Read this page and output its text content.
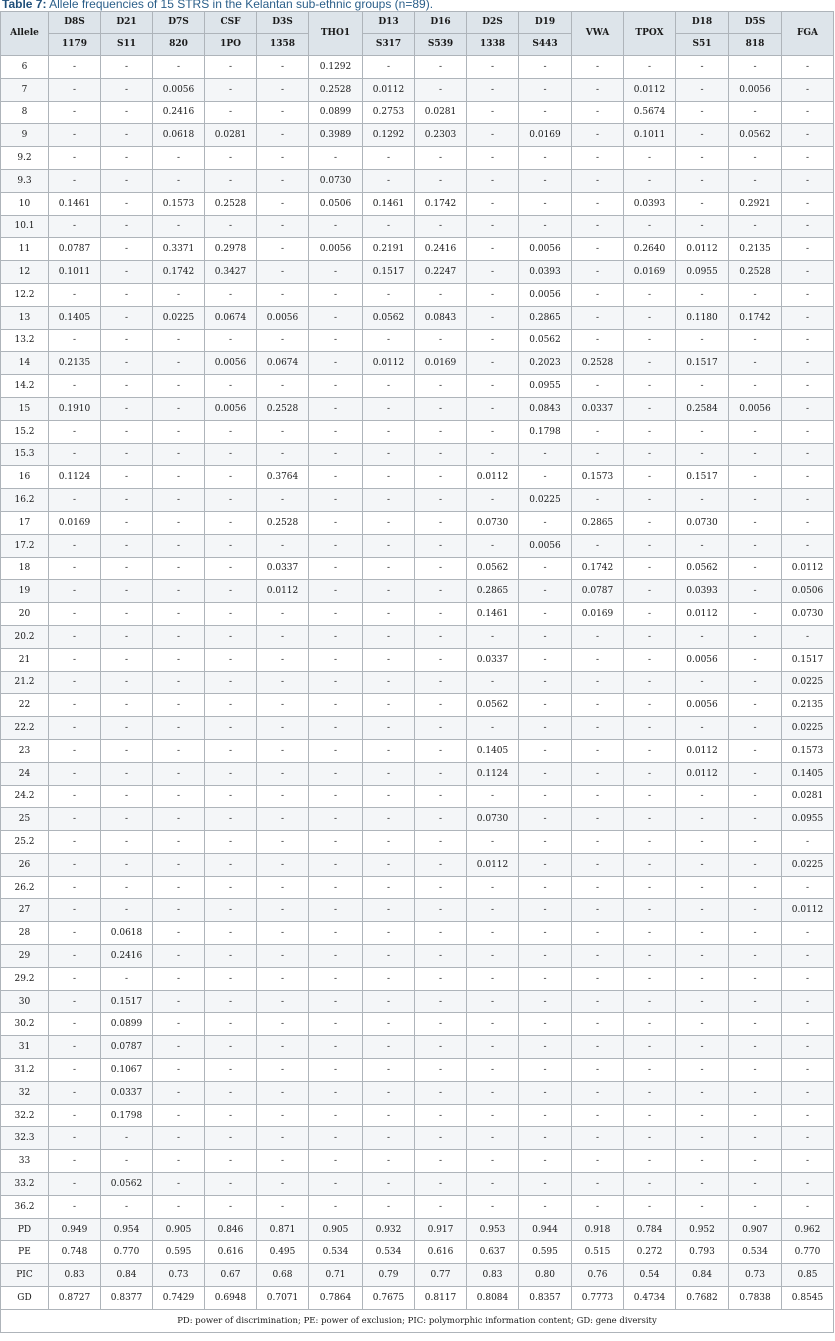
Table 7: Allele frequencies of 15 STRS in the Kelantan sub-ethnic groups (n=89).
Allele	D8S	D21	D7S	CSF	D3S	THO1	D13	D16	D2S	D19	VWA	TPOX	D18	D5S	FGA
	1179	S11	820	1PO	1358		S317	S539	1338	S443			S51	818	
6	-	-	-	-	-	0.1292	-	-	-	-	-	-	-	-	-
7	-	-	0.0056	-	-	0.2528	0.0112	-	-	-	-	0.0112	-	0.0056	-
8	-	-	0.2416	-	-	0.0899	0.2753	0.0281	-	-	-	0.5674	-	-	-
9	-	-	0.0618	0.0281	-	0.3989	0.1292	0.2303	-	0.0169	-	0.1011	-	0.0562	-
9.2	-	-	-	-	-	-	-	-	-	-	-	-	-	-	-
9.3	-	-	-	-	-	0.0730	-	-	-	-	-	-	-	-	-
10	0.1461	-	0.1573	0.2528	-	0.0506	0.1461	0.1742	-	-	-	0.0393	-	0.2921	-
10.1	-	-	-	-	-	-	-	-	-	-	-	-	-	-	-
11	0.0787	-	0.3371	0.2978	-	0.0056	0.2191	0.2416	-	0.0056	-	0.2640	0.0112	0.2135	-
12	0.1011	-	0.1742	0.3427	-	-	0.1517	0.2247	-	0.0393	-	0.0169	0.0955	0.2528	-
12.2	-	-	-	-	-	-	-	-	-	0.0056	-	-	-	-	-
13	0.1405	-	0.0225	0.0674	0.0056	-	0.0562	0.0843	-	0.2865	-	-	0.1180	0.1742	-
13.2	-	-	-	-	-	-	-	-	-	0.0562	-	-	-	-	-
14	0.2135	-	-	0.0056	0.0674	-	0.0112	0.0169	-	0.2023	0.2528	-	0.1517	-	-
14.2	-	-	-	-	-	-	-	-	-	0.0955	-	-	-	-	-
15	0.1910	-	-	0.0056	0.2528	-	-	-	-	0.0843	0.0337	-	0.2584	0.0056	-
15.2	-	-	-	-	-	-	-	-	-	0.1798	-	-	-	-	-
15.3	-	-	-	-	-	-	-	-	-	-	-	-	-	-	-
16	0.1124	-	-	-	0.3764	-	-	-	0.0112	-	0.1573	-	0.1517	-	-
16.2	-	-	-	-	-	-	-	-	-	0.0225	-	-	-	-	-
17	0.0169	-	-	-	0.2528	-	-	-	0.0730	-	0.2865	-	0.0730	-	-
17.2	-	-	-	-	-	-	-	-	-	0.0056	-	-	-	-	-
18	-	-	-	-	0.0337	-	-	-	0.0562	-	0.1742	-	0.0562	-	0.0112
19	-	-	-	-	0.0112	-	-	-	0.2865	-	0.0787	-	0.0393	-	0.0506
20	-	-	-	-	-	-	-	-	0.1461	-	0.0169	-	0.0112	-	0.0730
20.2	-	-	-	-	-	-	-	-	-	-	-	-	-	-	-
21	-	-	-	-	-	-	-	-	0.0337	-	-	-	0.0056	-	0.1517
21.2	-	-	-	-	-	-	-	-	-	-	-	-	-	-	0.0225
22	-	-	-	-	-	-	-	-	0.0562	-	-	-	0.0056	-	0.2135
22.2	-	-	-	-	-	-	-	-	-	-	-	-	-	-	0.0225
23	-	-	-	-	-	-	-	-	0.1405	-	-	-	0.0112	-	0.1573
24	-	-	-	-	-	-	-	-	0.1124	-	-	-	0.0112	-	0.1405
24.2	-	-	-	-	-	-	-	-	-	-	-	-	-	-	0.0281
25	-	-	-	-	-	-	-	-	0.0730	-	-	-	-	-	0.0955
25.2	-	-	-	-	-	-	-	-	-	-	-	-	-	-	-
26	-	-	-	-	-	-	-	-	0.0112	-	-	-	-	-	0.0225
26.2	-	-	-	-	-	-	-	-	-	-	-	-	-	-	-
27	-	-	-	-	-	-	-	-	-	-	-	-	-	-	0.0112
28	-	0.0618	-	-	-	-	-	-	-	-	-	-	-	-	-
29	-	0.2416	-	-	-	-	-	-	-	-	-	-	-	-	-
29.2	-	-	-	-	-	-	-	-	-	-	-	-	-	-	-
30	-	0.1517	-	-	-	-	-	-	-	-	-	-	-	-	-
30.2	-	0.0899	-	-	-	-	-	-	-	-	-	-	-	-	-
31	-	0.0787	-	-	-	-	-	-	-	-	-	-	-	-	-
31.2	-	0.1067	-	-	-	-	-	-	-	-	-	-	-	-	-
32	-	0.0337	-	-	-	-	-	-	-	-	-	-	-	-	-
32.2	-	0.1798	-	-	-	-	-	-	-	-	-	-	-	-	-
32.3	-	-	-	-	-	-	-	-	-	-	-	-	-	-	-
33	-	-	-	-	-	-	-	-	-	-	-	-	-	-	-
33.2	-	0.0562	-	-	-	-	-	-	-	-	-	-	-	-	-
36.2	-	-	-	-	-	-	-	-	-	-	-	-	-	-	-
PD	0.949	0.954	0.905	0.846	0.871	0.905	0.932	0.917	0.953	0.944	0.918	0.784	0.952	0.907	0.962
PE	0.748	0.770	0.595	0.616	0.495	0.534	0.534	0.616	0.637	0.595	0.515	0.272	0.793	0.534	0.770
PIC	0.83	0.84	0.73	0.67	0.68	0.71	0.79	0.77	0.83	0.80	0.76	0.54	0.84	0.73	0.85
GD	0.8727	0.8377	0.7429	0.6948	0.7071	0.7864	0.7675	0.8117	0.8084	0.8357	0.7773	0.4734	0.7682	0.7838	0.8545
PD: power of discrimination; PE: power of exclusion; PIC: polymorphic information content; GD: gene diversity															
